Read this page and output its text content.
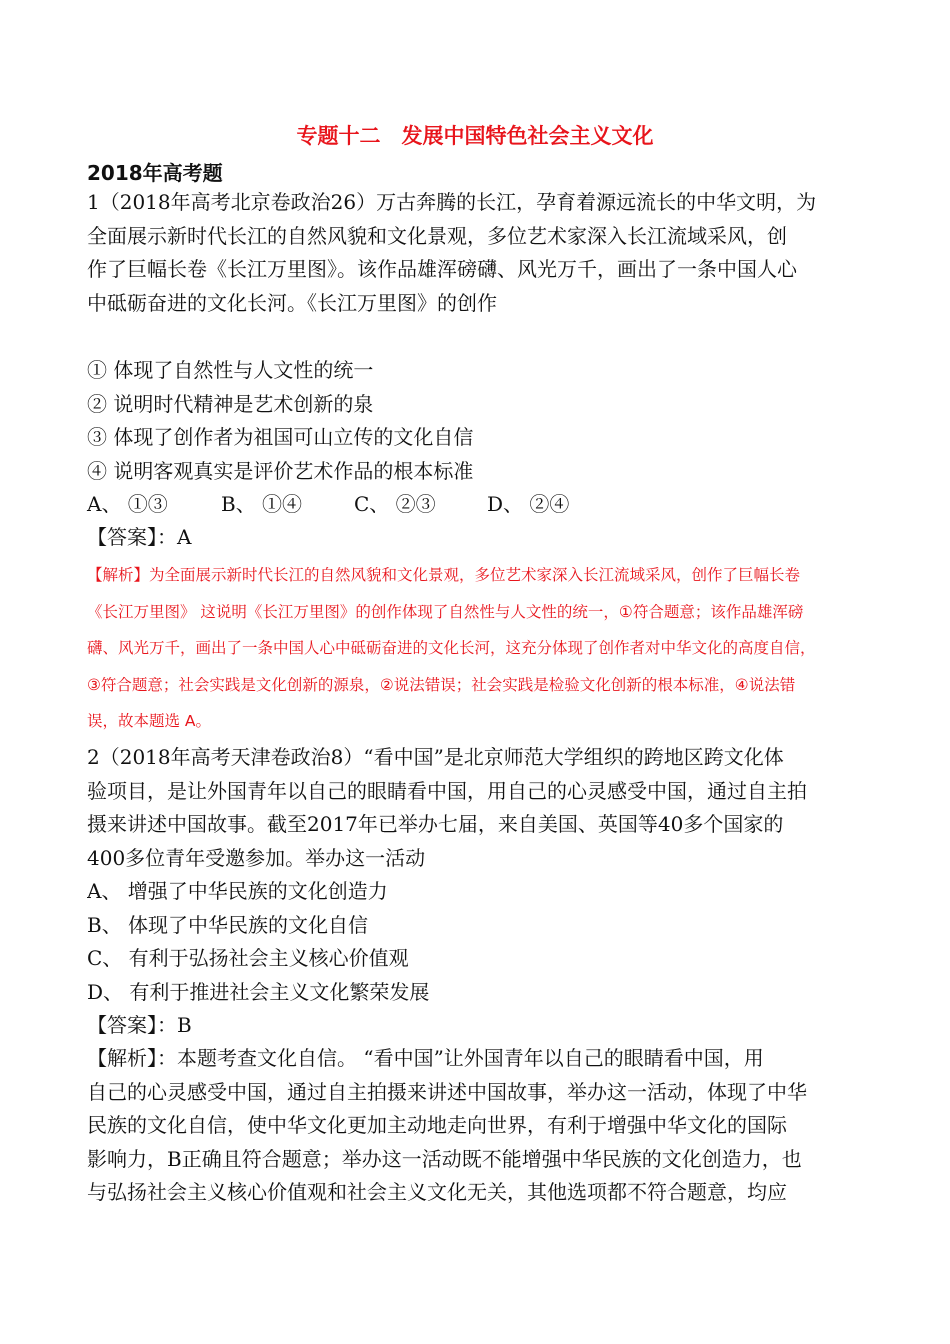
专题十二　发展中国特色社会主义文化
2018年高考题
1（2018年高考北京卷政治26）万古奔腾的长江，孕育着源远流长的中华文明，为
全面展示新时代长江的自然风貌和文化景观，多位艺术家深入长江流域采风，创
作了巨幅长卷《长江万里图》。该作品雄浑磅礴、风光万千，画出了一条中国人心
中砥砺奋进的文化长河。《长江万里图》的创作
① 体现了自然性与人文性的统一
② 说明时代精神是艺术创新的泉
③ 体现了创作者为祖国可山立传的文化自信
④ 说明客观真实是评价艺术作品的根本标准
A、 ①③	B、 ①④	C、 ②③	D、 ②④
【答案】：A
【解析】为全面展示新时代长江的自然风貌和文化景观，多位艺术家深入长江流域采风，创作了巨幅长卷
《长江万里图》 这说明《长江万里图》的创作体现了自然性与人文性的统一，①符合题意；该作品雄浑磅
礴、风光万千，画出了一条中国人心中砥砺奋进的文化长河，这充分体现了创作者对中华文化的高度自信，
③符合题意；社会实践是文化创新的源泉，②说法错误；社会实践是检验文化创新的根本标准，④说法错
误，故本题选 A。
2（2018年高考天津卷政治8）“看中国”是北京师范大学组织的跨地区跨文化体
验项目，是让外国青年以自己的眼睛看中国，用自己的心灵感受中国，通过自主拍
摄来讲述中国故事。截至2017年已举办七届，来自美国、英国等40多个国家的
400多位青年受邀参加。举办这一活动
A、 增强了中华民族的文化创造力
B、 体现了中华民族的文化自信
C、 有利于弘扬社会主义核心价值观
D、 有利于推进社会主义文化繁荣发展
【答案】：B
【解析】：本题考查文化自信。 “看中国”让外国青年以自己的眼睛看中国，用
自己的心灵感受中国，通过自主拍摄来讲述中国故事，举办这一活动，体现了中华
民族的文化自信，使中华文化更加主动地走向世界，有利于增强中华文化的国际
影响力，B正确且符合题意；举办这一活动既不能增强中华民族的文化创造力，也
与弘扬社会主义核心价值观和社会主义文化无关，其他选项都不符合题意，均应
